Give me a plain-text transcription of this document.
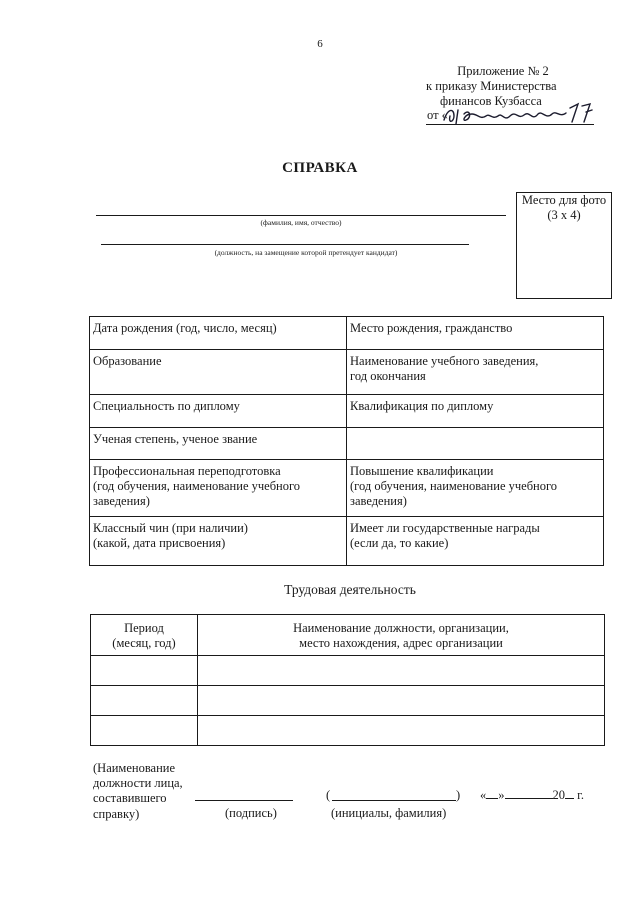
6
Приложение № 2
к приказу Министерства
финансов Кузбасса
от «
СПРАВКА
Место для фото
(3 х 4)
(фамилия, имя, отчество)
(должность, на замещение которой претендует кандидат)
Дата рождения (год, число, месяц)	Место рождения, гражданство
Образование	Наименование учебного заведения,
год окончания
Специальность по диплому	Квалификация по диплому
Ученая степень, ученое звание	
Профессиональная переподготовка
(год обучения, наименование учебного
заведения)	Повышение квалификации
(год обучения, наименование учебного
заведения)
Классный чин (при наличии)
(какой, дата присвоения)	Имеет ли государственные награды
(если да, то какие)
Трудовая деятельность
Период
(месяц, год)	Наименование должности, организации,
место нахождения, адрес организации

(Наименование
должности лица,
составившего
справку)	(подпись)
(	)
(инициалы, фамилия)
« »	20 г.
